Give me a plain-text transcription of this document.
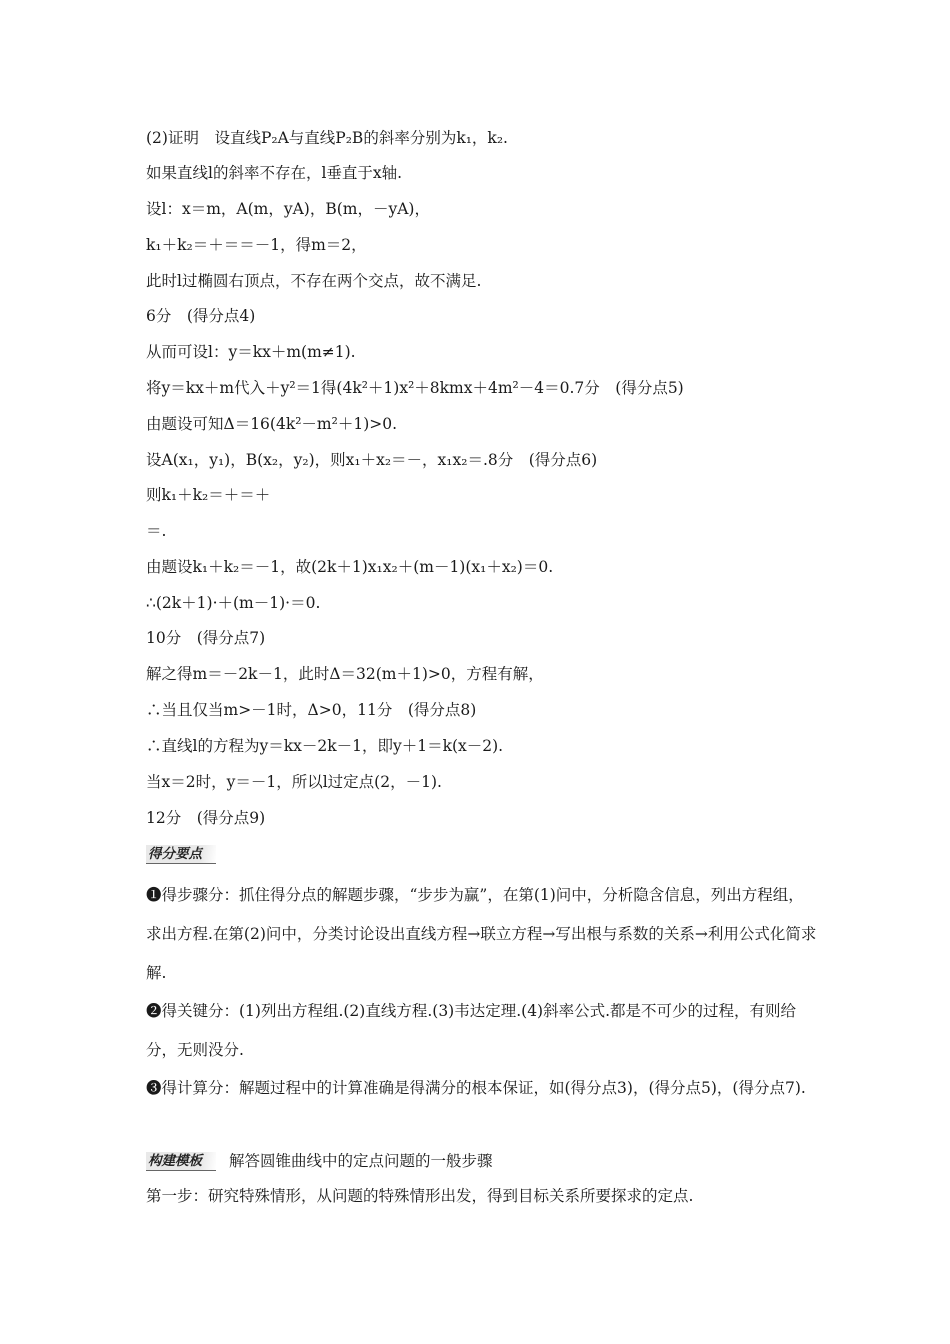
(2)证明　设直线P₂A与直线P₂B的斜率分别为k₁，k₂.
如果直线l的斜率不存在，l垂直于x轴.
设l：x＝m，A(m，yA)，B(m，－yA)，
k₁＋k₂＝＋＝＝－1，得m＝2，
此时l过椭圆右顶点，不存在两个交点，故不满足.
6分　(得分点4)
从而可设l：y＝kx＋m(m≠1).
将y＝kx＋m代入＋y²＝1得(4k²＋1)x²＋8kmx＋4m²－4＝0.7分　(得分点5)
由题设可知Δ＝16(4k²－m²＋1)>0.
设A(x₁，y₁)，B(x₂，y₂)，则x₁＋x₂＝－，x₁x₂＝.8分　(得分点6)
则k₁＋k₂＝＋＝＋
＝.
由题设k₁＋k₂＝－1，故(2k＋1)x₁x₂＋(m－1)(x₁＋x₂)＝0.
∴(2k＋1)·＋(m－1)·＝0.
10分　(得分点7)
解之得m＝－2k－1，此时Δ＝32(m＋1)>0，方程有解，
∴当且仅当m>－1时，Δ>0，11分　(得分点8)
∴直线l的方程为y＝kx－2k－1，即y＋1＝k(x－2).
当x＝2时，y＝－1，所以l过定点(2，－1).
12分　(得分点9)
得分要点
❶得步骤分：抓住得分点的解题步骤，“步步为赢”，在第(1)问中，分析隐含信息，列出方程组，求出方程.在第(2)问中，分类讨论设出直线方程→联立方程→写出根与系数的关系→利用公式化简求解.
❷得关键分：(1)列出方程组.(2)直线方程.(3)韦达定理.(4)斜率公式.都是不可少的过程，有则给分，无则没分.
❸得计算分：解题过程中的计算准确是得满分的根本保证，如(得分点3)，(得分点5)，(得分点7).
构建模板	解答圆锥曲线中的定点问题的一般步骤
第一步：研究特殊情形，从问题的特殊情形出发，得到目标关系所要探求的定点.
